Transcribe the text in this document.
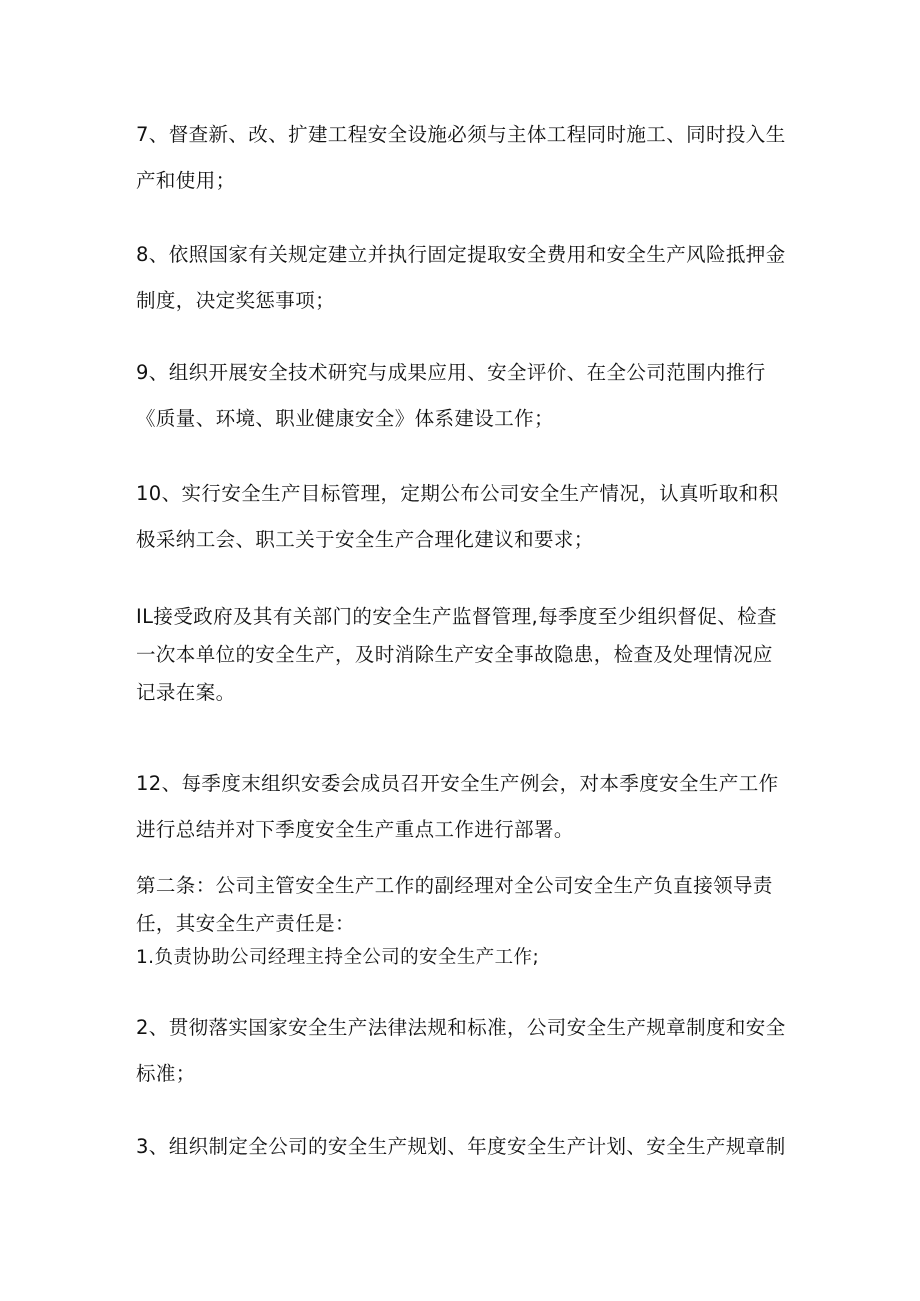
7、督查新、改、扩建工程安全设施必须与主体工程同时施工、同时投入生
产和使用；
8、依照国家有关规定建立并执行固定提取安全费用和安全生产风险抵押金
制度，决定奖惩事项；
9、组织开展安全技术研究与成果应用、安全评价、在全公司范围内推行
《质量、环境、职业健康安全》体系建设工作；
10、实行安全生产目标管理，定期公布公司安全生产情况，认真听取和积
极采纳工会、职工关于安全生产合理化建议和要求；
IL接受政府及其有关部门的安全生产监督管理,每季度至少组织督促、检查
一次本单位的安全生产，及时消除生产安全事故隐患，检查及处理情况应
记录在案。
12、每季度末组织安委会成员召开安全生产例会，对本季度安全生产工作
进行总结并对下季度安全生产重点工作进行部署。
第二条：公司主管安全生产工作的副经理对全公司安全生产负直接领导责
任，其安全生产责任是：
1.负责协助公司经理主持全公司的安全生产工作;
2、贯彻落实国家安全生产法律法规和标准，公司安全生产规章制度和安全
标准；
3、组织制定全公司的安全生产规划、年度安全生产计划、安全生产规章制
